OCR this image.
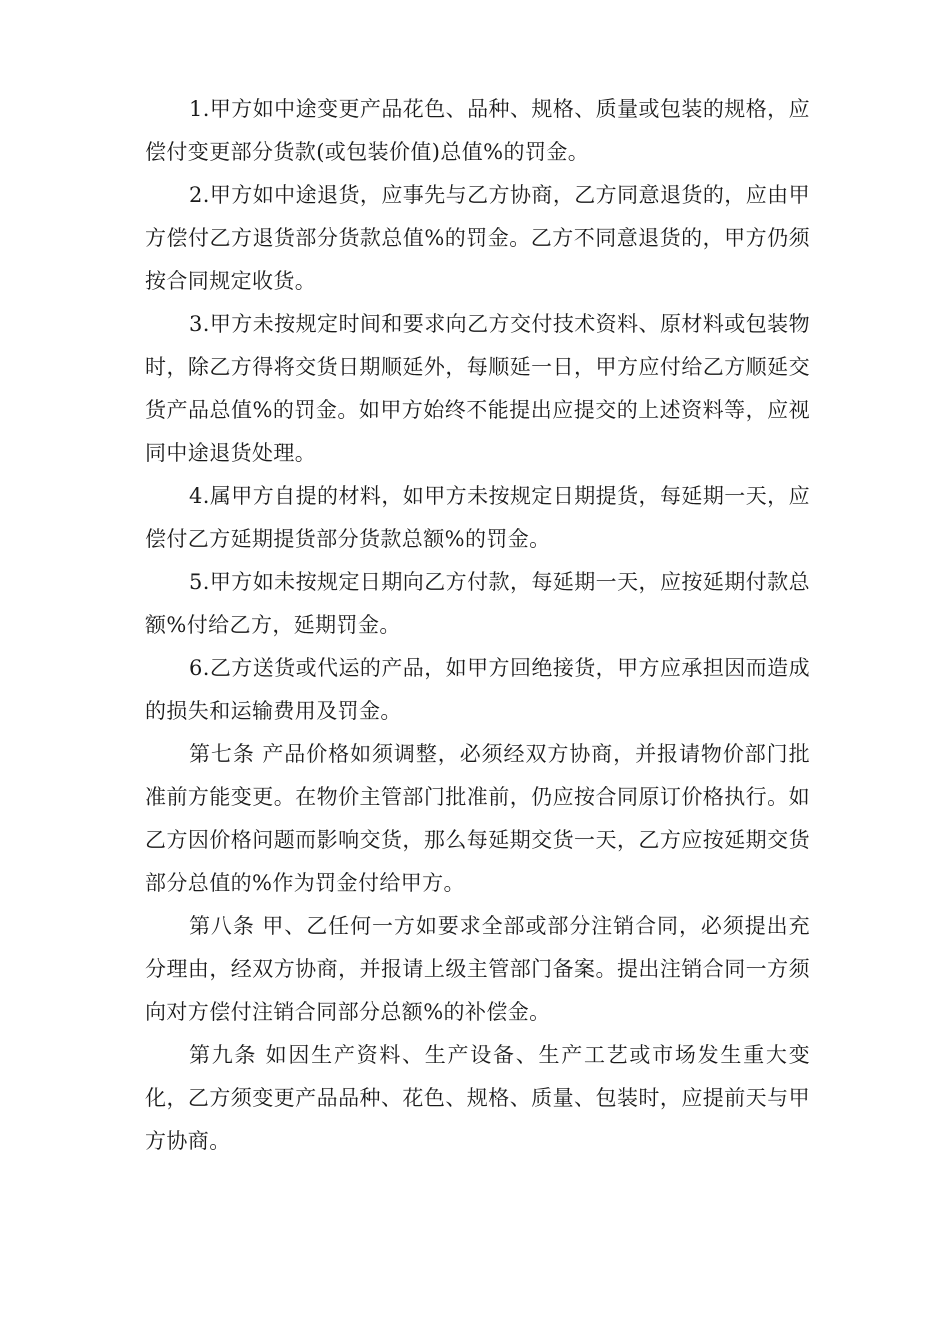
1.甲方如中途变更产品花色、品种、规格、质量或包装的规格，应偿付变更部分货款(或包装价值)总值%的罚金。

2.甲方如中途退货，应事先与乙方协商，乙方同意退货的，应由甲方偿付乙方退货部分货款总值%的罚金。乙方不同意退货的，甲方仍须按合同规定收货。

3.甲方未按规定时间和要求向乙方交付技术资料、原材料或包装物时，除乙方得将交货日期顺延外，每顺延一日，甲方应付给乙方顺延交货产品总值%的罚金。如甲方始终不能提出应提交的上述资料等，应视同中途退货处理。

4.属甲方自提的材料，如甲方未按规定日期提货，每延期一天，应偿付乙方延期提货部分货款总额%的罚金。

5.甲方如未按规定日期向乙方付款，每延期一天，应按延期付款总额%付给乙方，延期罚金。

6.乙方送货或代运的产品，如甲方回绝接货，甲方应承担因而造成的损失和运输费用及罚金。

第七条 产品价格如须调整，必须经双方协商，并报请物价部门批准前方能变更。在物价主管部门批准前，仍应按合同原订价格执行。如乙方因价格问题而影响交货，那么每延期交货一天，乙方应按延期交货部分总值的%作为罚金付给甲方。

第八条 甲、乙任何一方如要求全部或部分注销合同，必须提出充分理由，经双方协商，并报请上级主管部门备案。提出注销合同一方须向对方偿付注销合同部分总额%的补偿金。

第九条 如因生产资料、生产设备、生产工艺或市场发生重大变化，乙方须变更产品品种、花色、规格、质量、包装时，应提前天与甲方协商。
